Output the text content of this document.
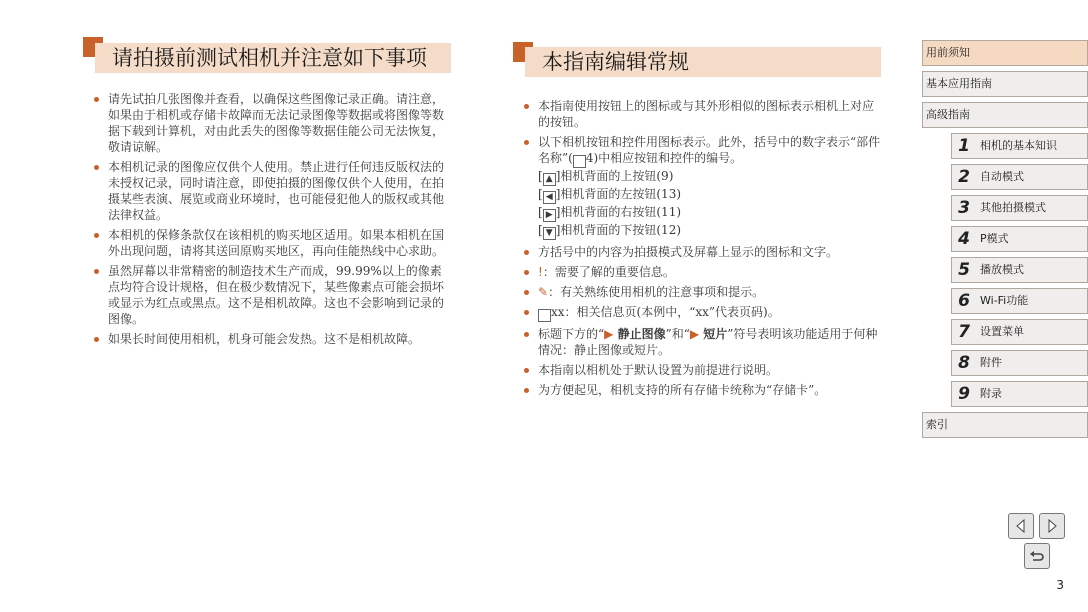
请拍摄前测试相机并注意如下事项	本指南编辑常规
请先试拍几张图像并查看，以确保这些图像记录正确。请注意，如果由于相机或存储卡故障而无法记录图像等数据或将图像等数据下载到计算机，对由此丢失的图像等数据佳能公司无法恢复，敬请谅解。
本相机记录的图像应仅供个人使用。禁止进行任何违反版权法的未授权记录，同时请注意，即使拍摄的图像仅供个人使用，在拍摄某些表演、展览或商业环境时，也可能侵犯他人的版权或其他法律权益。
本相机的保修条款仅在该相机的购买地区适用。如果本相机在国外出现问题，请将其送回原购买地区，再向佳能热线中心求助。
虽然屏幕以非常精密的制造技术生产而成，99.99%以上的像素点均符合设计规格，但在极少数情况下，某些像素点可能会损坏或显示为红点或黑点。这不是相机故障。这也不会影响到记录的图像。
如果长时间使用相机，机身可能会发热。这不是相机故障。
本指南使用按钮上的图标或与其外形相似的图标表示相机上对应的按钮。
以下相机按钮和控件用图标表示。此外，括号中的数字表示“部件名称”( 4)中相应按钮和控件的编号。
[ ▲ ]相机背面的上按钮(9)
[ ◀ ]相机背面的左按钮(13)
[ ▶ ]相机背面的右按钮(11)
[ ▼ ]相机背面的下按钮(12)
方括号中的内容为拍摄模式及屏幕上显示的图标和文字。
!：需要了解的重要信息。
✎：有关熟练使用相机的注意事项和提示。
xx：相关信息页(本例中，“xx”代表页码)。
标题下方的“▶ 静止图像”和“▶ 短片”符号表明该功能适用于何种情况：静止图像或短片。
本指南以相机处于默认设置为前提进行说明。
为方便起见，相机支持的所有存储卡统称为“存储卡”。
用前须知
基本应用指南
高级指南
1 相机的基本知识
2 自动模式
3 其他拍摄模式
4 P模式
5 播放模式
6 Wi-Fi功能
7 设置菜单
8 附件
9 附录
索引
3
